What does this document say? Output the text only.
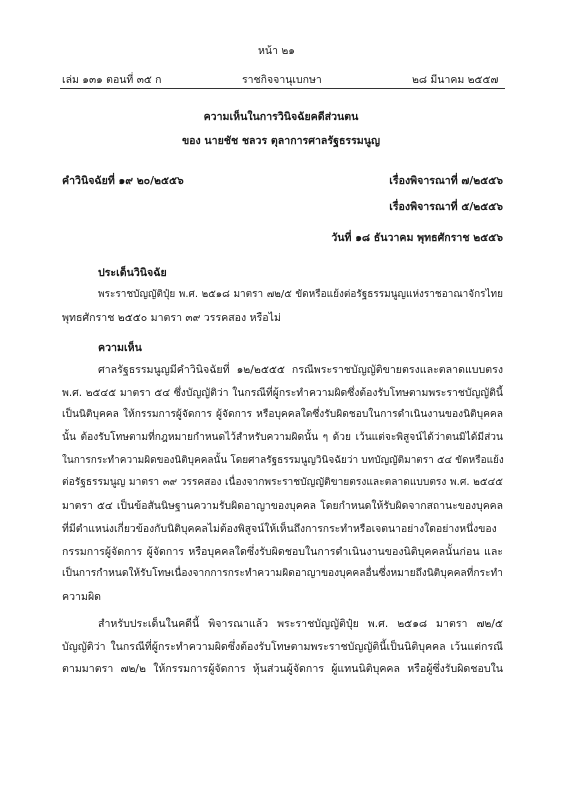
หน้า ๒๑
เล่ม ๑๓๑ ตอนที่ ๓๕ ก	ราชกิจจานุเบกษา	๒๘ มีนาคม ๒๕๕๗
ความเห็นในการวินิจฉัยคดีส่วนตน
ของ นายชัช ชลวร ตุลาการศาลรัฐธรรมนูญ
คำวินิจฉัยที่ ๑๙ ๒๐/๒๕๕๖	เรื่องพิจารณาที่ ๗/๒๕๕๖
เรื่องพิจารณาที่ ๕/๒๕๕๖
วันที่ ๑๘ ธันวาคม พุทธศักราช ๒๕๕๖
ประเด็นวินิจฉัย
พระราชบัญญัติปุ๋ย พ.ศ. ๒๕๑๘ มาตรา ๗๒/๕ ขัดหรือแย้งต่อรัฐธรรมนูญแห่งราชอาณาจักรไทย
พุทธศักราช ๒๕๕๐ มาตรา ๓๙ วรรคสอง หรือไม่
ความเห็น
ศาลรัฐธรรมนูญมีคำวินิจฉัยที่ ๑๒/๒๕๕๕ กรณีพระราชบัญญัติขายตรงและตลาดแบบตรง
พ.ศ. ๒๕๔๕ มาตรา ๕๔ ซึ่งบัญญัติว่า ในกรณีที่ผู้กระทำความผิดซึ่งต้องรับโทษตามพระราชบัญญัตินี้
เป็นนิติบุคคล ให้กรรมการผู้จัดการ ผู้จัดการ หรือบุคคลใดซึ่งรับผิดชอบในการดำเนินงานของนิติบุคคล
นั้น ต้องรับโทษตามที่กฎหมายกำหนดไว้สำหรับความผิดนั้น ๆ ด้วย เว้นแต่จะพิสูจน์ได้ว่าตนมิได้มีส่วน
ในการกระทำความผิดของนิติบุคคลนั้น โดยศาลรัฐธรรมนูญวินิจฉัยว่า บทบัญญัติมาตรา ๕๔ ขัดหรือแย้ง
ต่อรัฐธรรมนูญ มาตรา ๓๙ วรรคสอง เนื่องจากพระราชบัญญัติขายตรงและตลาดแบบตรง พ.ศ. ๒๕๔๕
มาตรา ๕๔ เป็นข้อสันนิษฐานความรับผิดอาญาของบุคคล โดยกำหนดให้รับผิดจากสถานะของบุคคล
ที่มีตำแหน่งเกี่ยวข้องกับนิติบุคคลไม่ต้องพิสูจน์ให้เห็นถึงการกระทำหรือเจตนาอย่างใดอย่างหนึ่งของ
กรรมการผู้จัดการ ผู้จัดการ หรือบุคคลใดซึ่งรับผิดชอบในการดำเนินงานของนิติบุคคลนั้นก่อน และ
เป็นการกำหนดให้รับโทษเนื่องจากการกระทำความผิดอาญาของบุคคลอื่นซึ่งหมายถึงนิติบุคคลที่กระทำ
ความผิด
สำหรับประเด็นในคดีนี้ พิจารณาแล้ว พระราชบัญญัติปุ๋ย พ.ศ. ๒๕๑๘ มาตรา ๗๒/๕
บัญญัติว่า ในกรณีที่ผู้กระทำความผิดซึ่งต้องรับโทษตามพระราชบัญญัตินี้เป็นนิติบุคคล เว้นแต่กรณี
ตามมาตรา ๗๒/๒ ให้กรรมการผู้จัดการ หุ้นส่วนผู้จัดการ ผู้แทนนิติบุคคล หรือผู้ซึ่งรับผิดชอบใน
